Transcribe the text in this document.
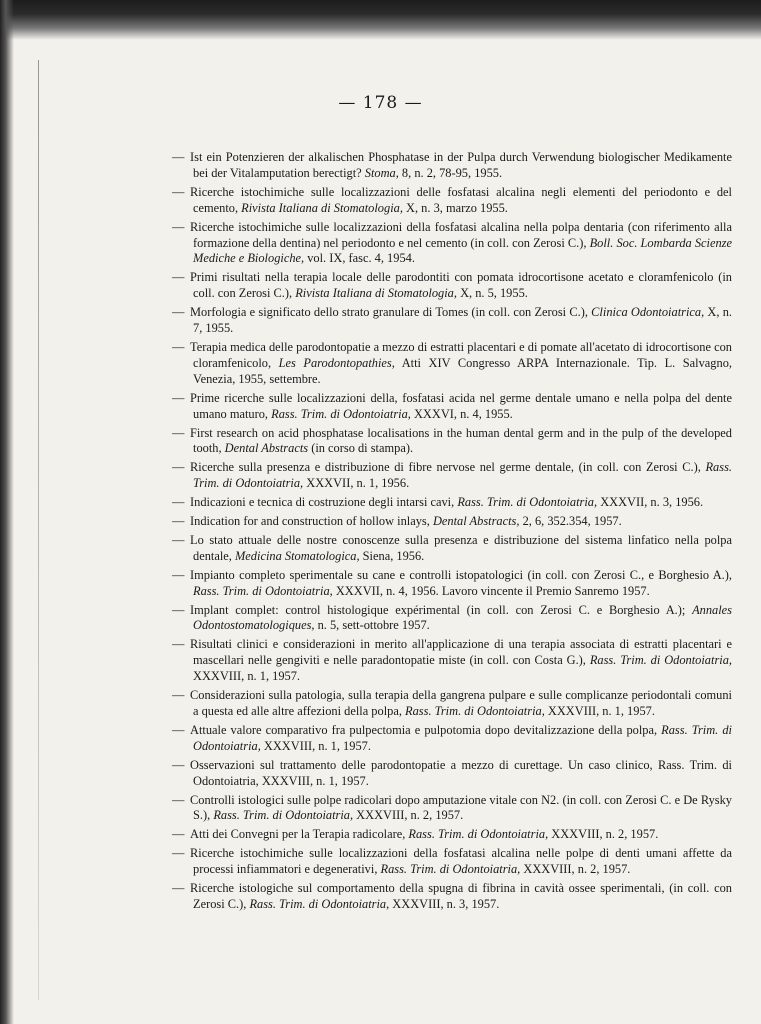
— 178 —

—Ist ein Potenzieren der alkalischen Phosphatase in der Pulpa durch Verwendung biologischer Medikamente bei der Vitalamputation berectigt? Stoma, 8, n. 2, 78-95, 1955.

—Ricerche istochimiche sulle localizzazioni delle fosfatasi alcalina negli elementi del periodonto e del cemento, Rivista Italiana di Stomatologia, X, n. 3, marzo 1955.

—Ricerche istochimiche sulle localizzazioni della fosfatasi alcalina nella polpa dentaria (con riferimento alla formazione della dentina) nel periodonto e nel cemento (in coll. con Zerosi C.), Boll. Soc. Lombarda Scienze Mediche e Biologiche, vol. IX, fasc. 4, 1954.

—Primi risultati nella terapia locale delle parodontiti con pomata idrocortisone acetato e cloramfenicolo (in coll. con Zerosi C.), Rivista Italiana di Stomatologia, X, n. 5, 1955.

—Morfologia e significato dello strato granulare di Tomes (in coll. con Zerosi C.), Clinica Odontoiatrica, X, n. 7, 1955.

—Terapia medica delle parodontopatie a mezzo di estratti placentari e di pomate all'acetato di idrocortisone con cloramfenicolo, Les Parodontopathies, Atti XIV Congresso ARPA Internazionale. Tip. L. Salvagno, Venezia, 1955, settembre.

—Prime ricerche sulle localizzazioni della, fosfatasi acida nel germe dentale umano e nella polpa del dente umano maturo, Rass. Trim. di Odontoiatria, XXXVI, n. 4, 1955.

—First research on acid phosphatase localisations in the human dental germ and in the pulp of the developed tooth, Dental Abstracts (in corso di stampa).

—Ricerche sulla presenza e distribuzione di fibre nervose nel germe dentale, (in coll. con Zerosi C.), Rass. Trim. di Odontoiatria, XXXVII, n. 1, 1956.

—Indicazioni e tecnica di costruzione degli intarsi cavi, Rass. Trim. di Odontoiatria, XXXVII, n. 3, 1956.

—Indication for and construction of hollow inlays, Dental Abstracts, 2, 6, 352.354, 1957.

—Lo stato attuale delle nostre conoscenze sulla presenza e distribuzione del sistema linfatico nella polpa dentale, Medicina Stomatologica, Siena, 1956.

—Impianto completo sperimentale su cane e controlli istopatologici (in coll. con Zerosi C., e Borghesio A.), Rass. Trim. di Odontoiatria, XXXVII, n. 4, 1956. Lavoro vincente il Premio Sanremo 1957.

—Implant complet: control histologique expérimental (in coll. con Zerosi C. e Borghesio A.); Annales Odontostomatologiques, n. 5, sett-ottobre 1957.

—Risultati clinici e considerazioni in merito all'applicazione di una terapia associata di estratti placentari e mascellari nelle gengiviti e nelle paradontopatie miste (in coll. con Costa G.), Rass. Trim. di Odontoiatria, XXXVIII, n. 1, 1957.

—Considerazioni sulla patologia, sulla terapia della gangrena pulpare e sulle complicanze periodontali comuni a questa ed alle altre affezioni della polpa, Rass. Trim. di Odontoiatria, XXXVIII, n. 1, 1957.

—Attuale valore comparativo fra pulpectomia e pulpotomia dopo devitalizzazione della polpa, Rass. Trim. di Odontoiatria, XXXVIII, n. 1, 1957.

—Osservazioni sul trattamento delle parodontopatie a mezzo di curettage. Un caso clinico, Rass. Trim. di Odontoiatria, XXXVIII, n. 1, 1957.

—Controlli istologici sulle polpe radicolari dopo amputazione vitale con N2. (in coll. con Zerosi C. e De Rysky S.), Rass. Trim. di Odontoiatria, XXXVIII, n. 2, 1957.

—Atti dei Convegni per la Terapia radicolare, Rass. Trim. di Odontoiatria, XXXVIII, n. 2, 1957.

—Ricerche istochimiche sulle localizzazioni della fosfatasi alcalina nelle polpe di denti umani affette da processi infiammatori e degenerativi, Rass. Trim. di Odontoiatria, XXXVIII, n. 2, 1957.

—Ricerche istologiche sul comportamento della spugna di fibrina in cavità ossee sperimentali, (in coll. con Zerosi C.), Rass. Trim. di Odontoiatria, XXXVIII, n. 3, 1957.
